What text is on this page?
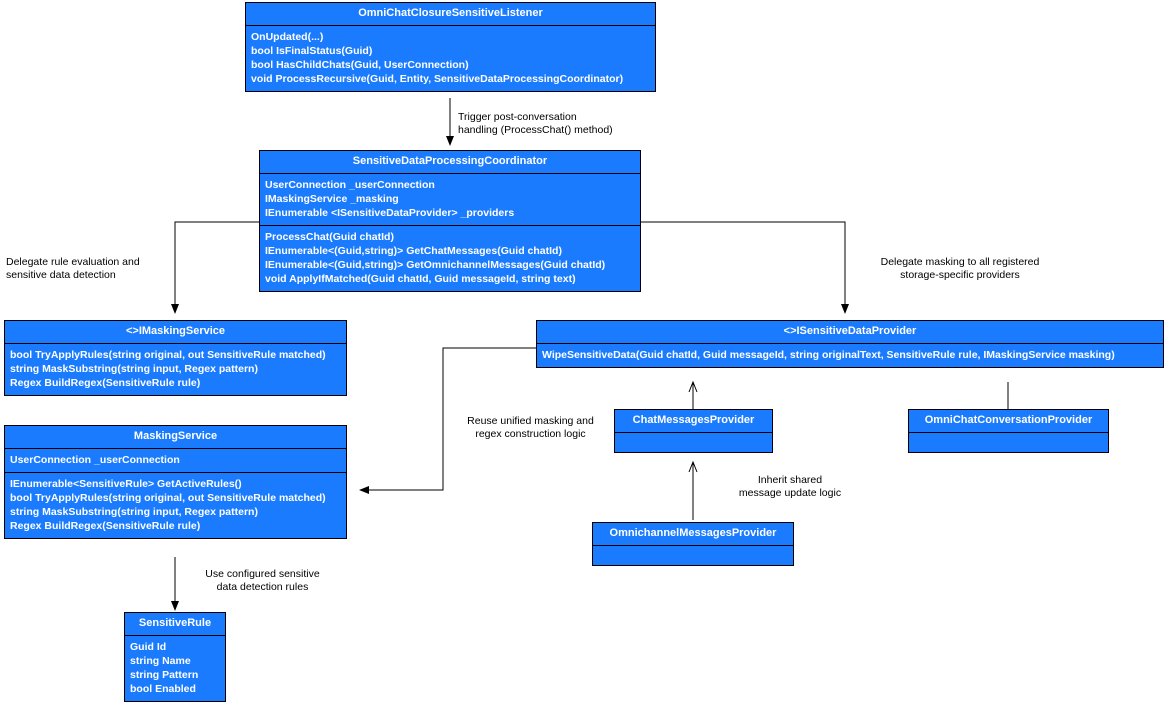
OmniChatClosureSensitiveListener
OnUpdated(...)
bool IsFinalStatus(Guid)
bool HasChildChats(Guid, UserConnection)
void ProcessRecursive(Guid, Entity, SensitiveDataProcessingCoordinator)
SensitiveDataProcessingCoordinator
UserConnection _userConnection
IMaskingService _masking
IEnumerable <ISensitiveDataProvider> _providers
ProcessChat(Guid chatId)
IEnumerable<(Guid,string)> GetChatMessages(Guid chatId)
IEnumerable<(Guid,string)> GetOmnichannelMessages(Guid chatId)
void ApplyIfMatched(Guid chatId, Guid messageId, string text)
<>IMaskingService
bool TryApplyRules(string original, out SensitiveRule matched)
string MaskSubstring(string input, Regex pattern)
Regex BuildRegex(SensitiveRule rule)
MaskingService
UserConnection _userConnection
IEnumerable<SensitiveRule> GetActiveRules()
bool TryApplyRules(string original, out SensitiveRule matched)
string MaskSubstring(string input, Regex pattern)
Regex BuildRegex(SensitiveRule rule)
<>ISensitiveDataProvider
WipeSensitiveData(Guid chatId, Guid messageId, string originalText, SensitiveRule rule, IMaskingService masking)
ChatMessagesProvider	OmniChatConversationProvider
OmnichannelMessagesProvider
SensitiveRule
Guid Id
string Name
string Pattern
bool Enabled
Trigger post-conversation
handling (ProcessChat() method)
Delegate rule evaluation and
sensitive data detection
Delegate masking to all registered
storage-specific providers
Reuse unified masking and
regex construction logic
Inherit shared
message update logic
Use configured sensitive
data detection rules
